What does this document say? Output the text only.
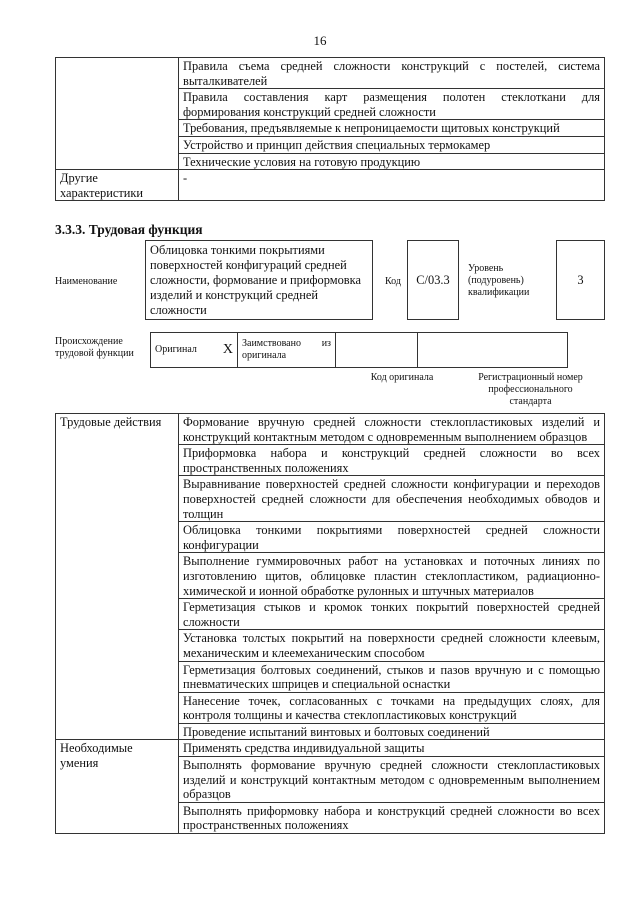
16
	Правила съема средней сложности конструкций с постелей, система выталкивателей
	Правила составления карт размещения полотен стеклоткани для формирования конструкций средней сложности
	Требования, предъявляемые к непроницаемости щитовых конструкций
	Устройство и принцип действия специальных термокамер
	Технические условия на готовую продукцию
Другие характеристики	-
3.3.3. Трудовая функция
Наименование
Облицовка тонкими покрытиями поверхностей конфигураций средней сложности, формование и приформовка изделий и конструкций средней сложности
Код	C/03.3
Уровень (подуровень) квалификации
3
Происхождение трудовой функции	Оригинал X	Заимствовано из оригинала		
Код оригинала	Регистрационный номер профессионального стандарта
Трудовые действия	Формование вручную средней сложности стеклопластиковых изделий и конструкций контактным методом с одновременным выполнением образцов
	Приформовка набора и конструкций средней сложности во всех пространственных положениях
	Выравнивание поверхностей средней сложности конфигурации и переходов поверхностей средней сложности для обеспечения необходимых обводов и толщин
	Облицовка тонкими покрытиями поверхностей средней сложности конфигурации
	Выполнение гуммировочных работ на установках и поточных линиях по изготовлению щитов, облицовке пластин стеклопластиком, радиационно-химической и ионной обработке рулонных и штучных материалов
	Герметизация стыков и кромок тонких покрытий поверхностей средней сложности
	Установка толстых покрытий на поверхности средней сложности клеевым, механическим и клеемеханическим способом
	Герметизация болтовых соединений, стыков и пазов вручную и с помощью пневматических шприцев и специальной оснастки
	Нанесение точек, согласованных с точками на предыдущих слоях, для контроля толщины и качества стеклопластиковых конструкций
	Проведение испытаний винтовых и болтовых соединений
Необходимые умения	Применять средства индивидуальной защиты
	Выполнять формование вручную средней сложности стеклопластиковых изделий и конструкций контактным методом с одновременным выполнением образцов
	Выполнять приформовку набора и конструкций средней сложности во всех пространственных положениях
